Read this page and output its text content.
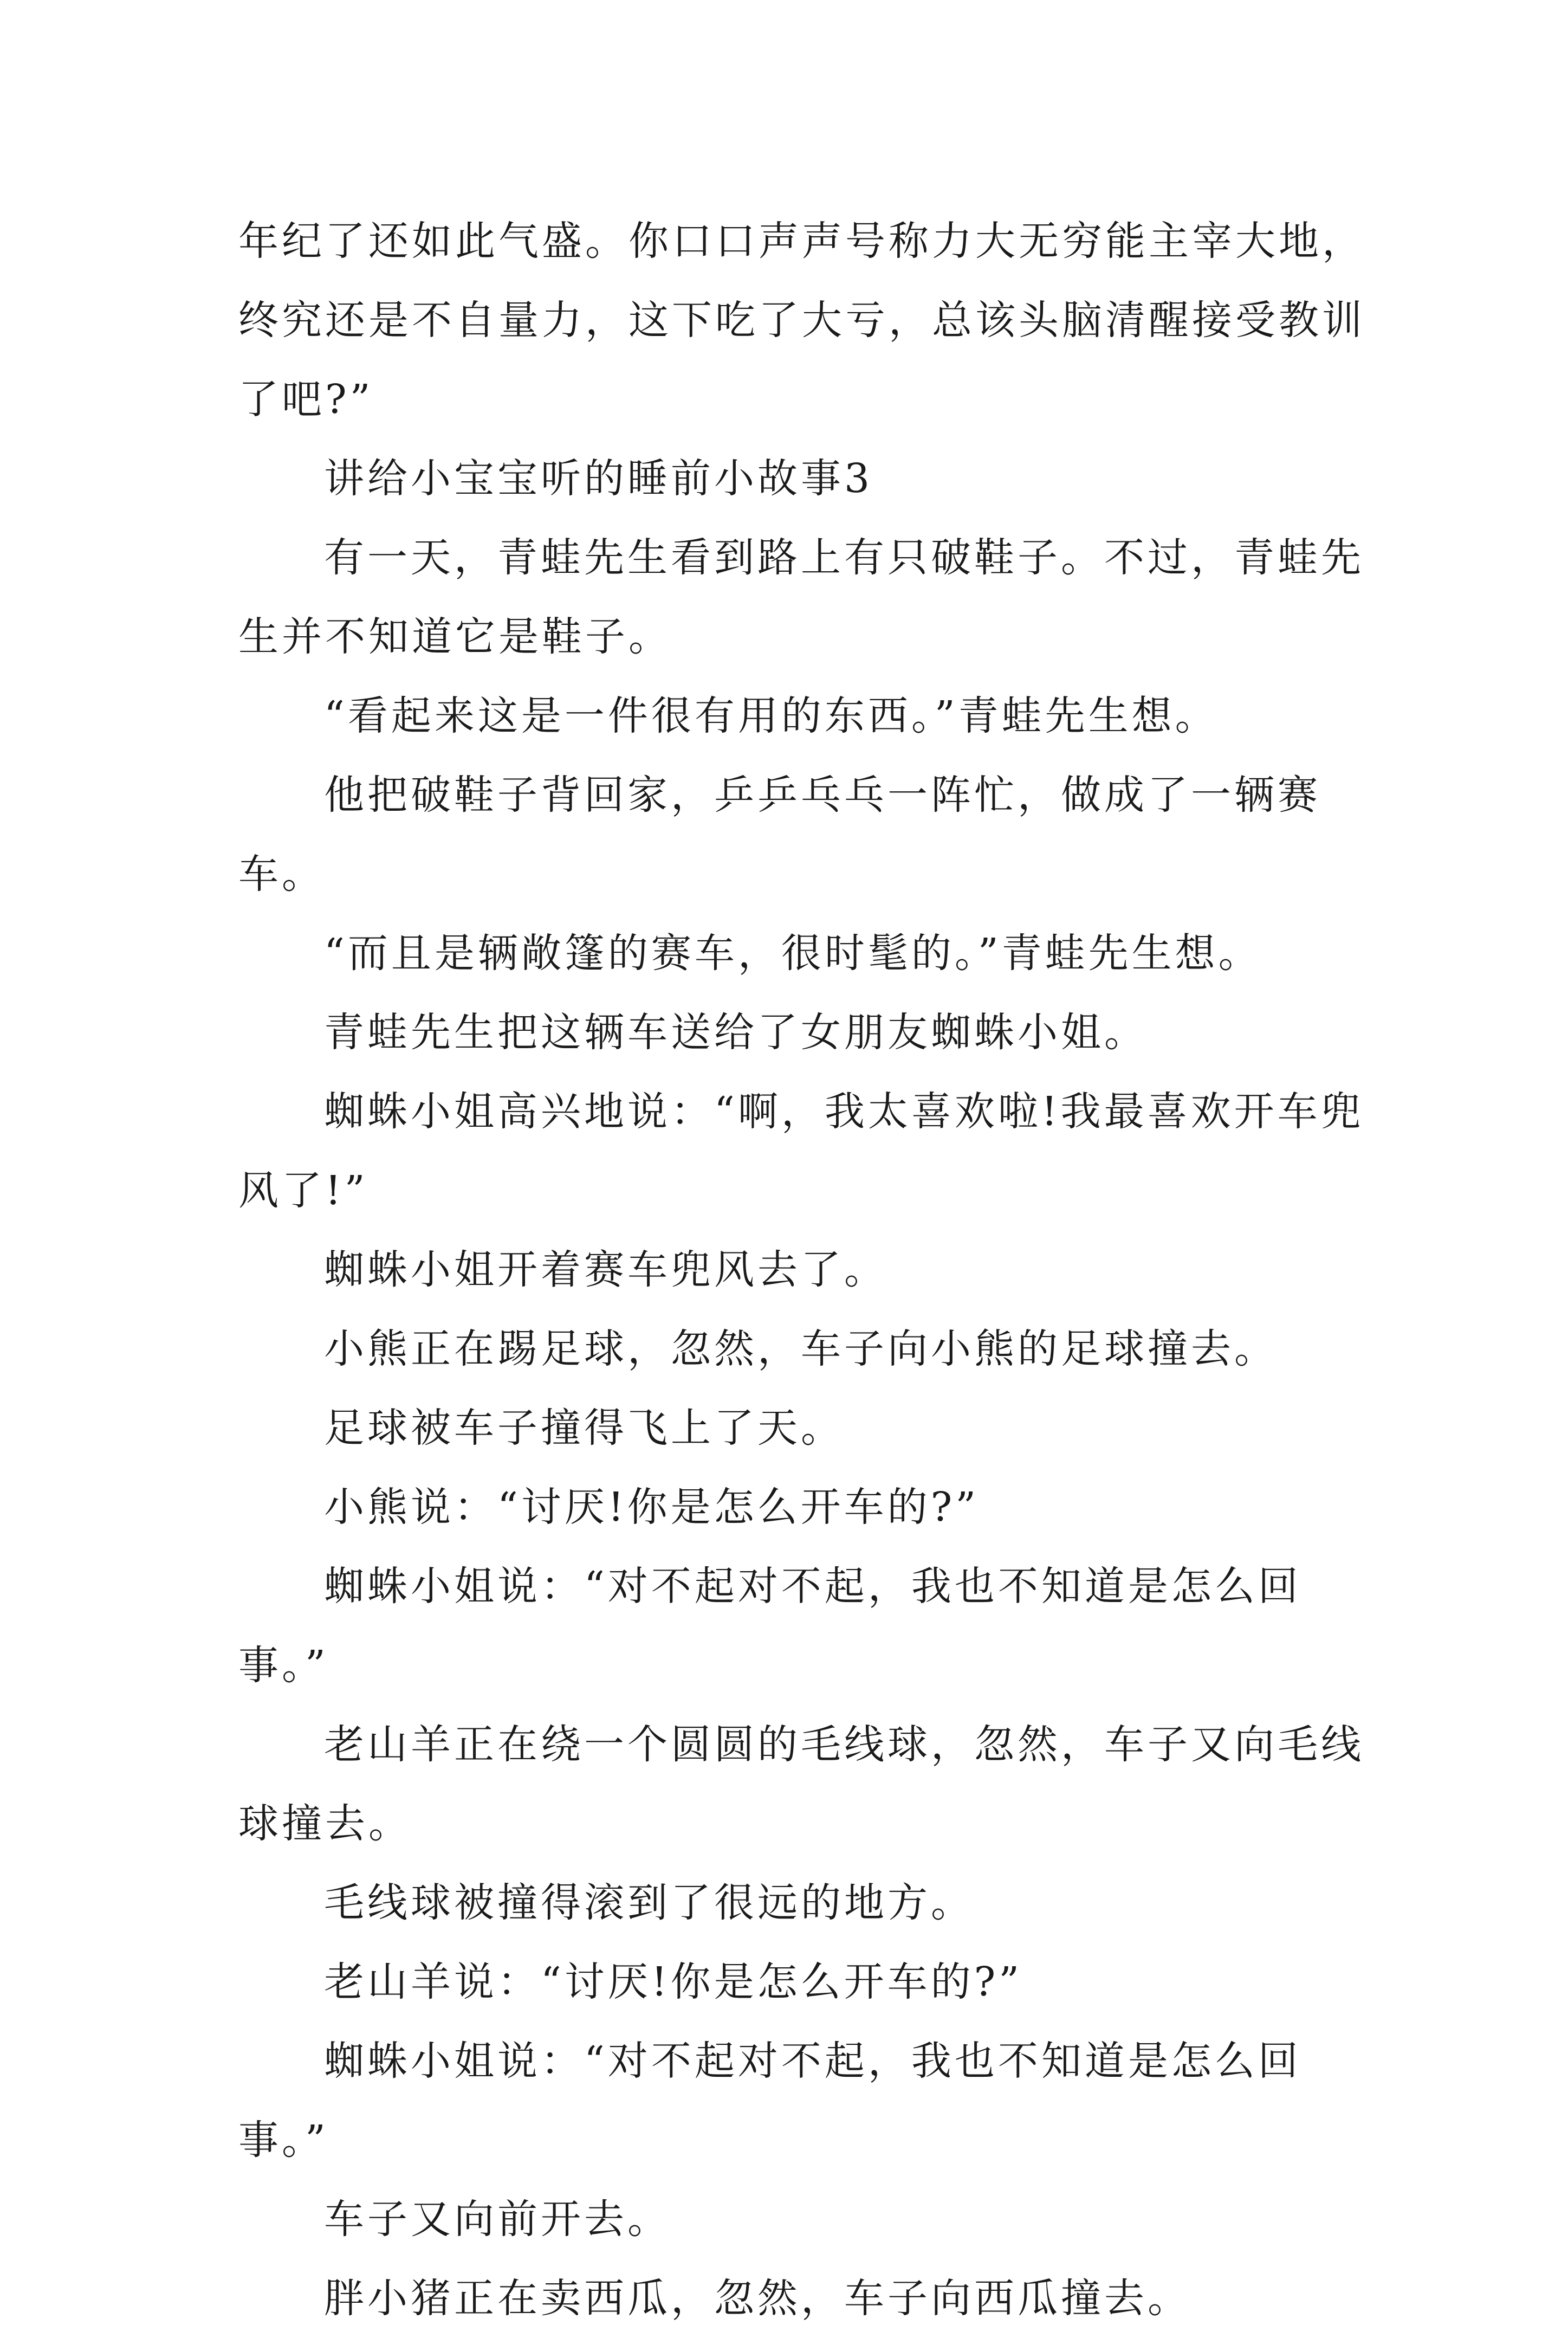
年纪了还如此气盛。你口口声声号称力大无穷能主宰大地，终究还是不自量力，这下吃了大亏，总该头脑清醒接受教训了吧?”

讲给小宝宝听的睡前小故事3

有一天，青蛙先生看到路上有只破鞋子。不过，青蛙先生并不知道它是鞋子。

“看起来这是一件很有用的东西。”青蛙先生想。

他把破鞋子背回家，乒乒乓乓一阵忙，做成了一辆赛车。

“而且是辆敞篷的赛车，很时髦的。”青蛙先生想。

青蛙先生把这辆车送给了女朋友蜘蛛小姐。

蜘蛛小姐高兴地说：“啊，我太喜欢啦!我最喜欢开车兜风了!”

蜘蛛小姐开着赛车兜风去了。

小熊正在踢足球，忽然，车子向小熊的足球撞去。

足球被车子撞得飞上了天。

小熊说：“讨厌!你是怎么开车的?”

蜘蛛小姐说：“对不起对不起，我也不知道是怎么回事。”

老山羊正在绕一个圆圆的毛线球，忽然，车子又向毛线球撞去。

毛线球被撞得滚到了很远的地方。

老山羊说：“讨厌!你是怎么开车的?”

蜘蛛小姐说：“对不起对不起，我也不知道是怎么回事。”

车子又向前开去。

胖小猪正在卖西瓜，忽然，车子向西瓜撞去。
